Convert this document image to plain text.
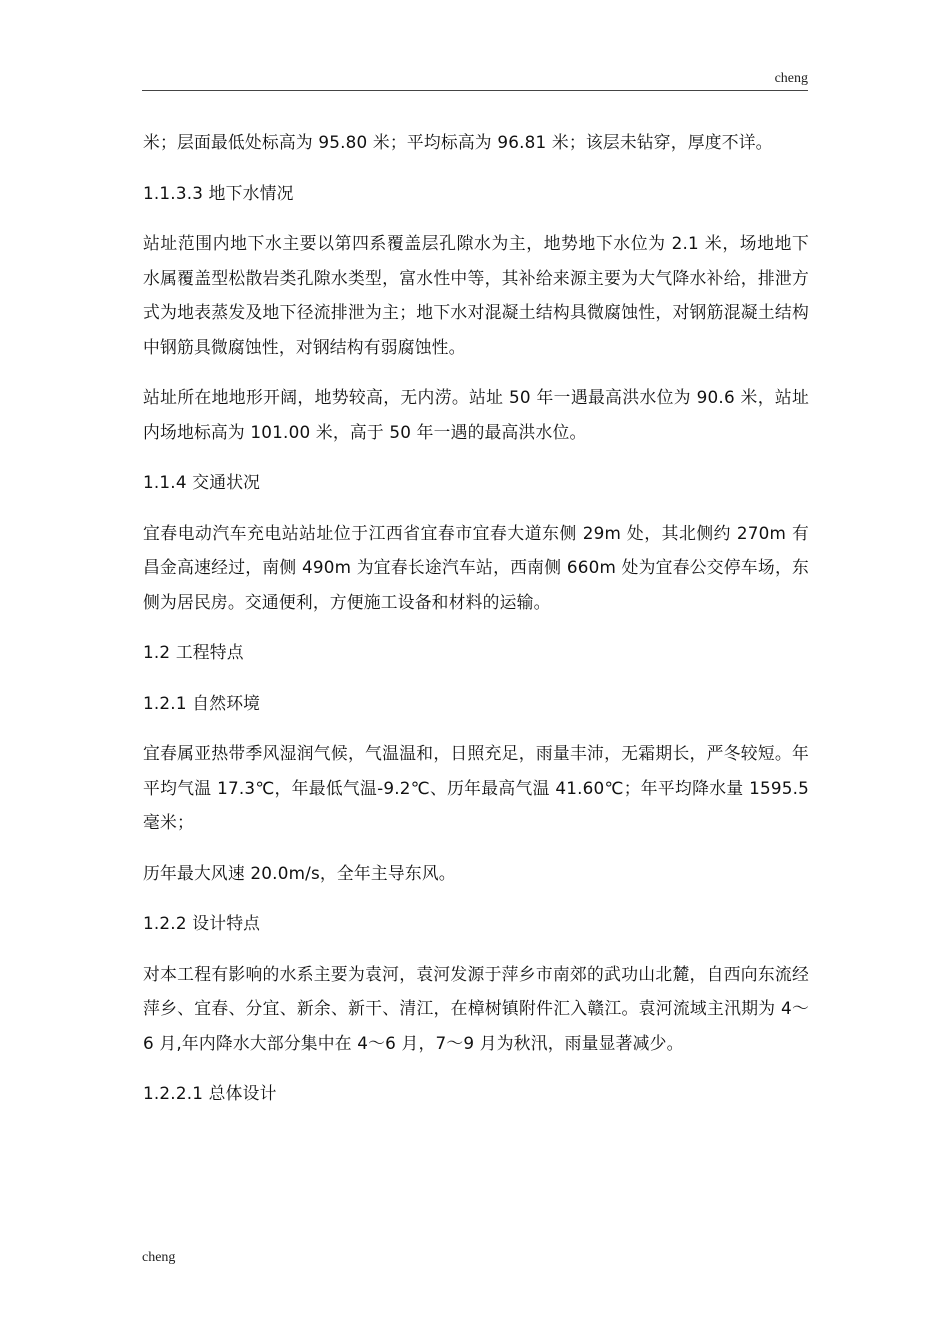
cheng

米；层面最低处标高为 95.80 米；平均标高为 96.81 米；该层未钻穿，厚度不详。

1.1.3.3 地下水情况

站址范围内地下水主要以第四系覆盖层孔隙水为主，地势地下水位为 2.1 米，场地地下水属覆盖型松散岩类孔隙水类型，富水性中等，其补给来源主要为大气降水补给，排泄方式为地表蒸发及地下径流排泄为主；地下水对混凝土结构具微腐蚀性，对钢筋混凝土结构中钢筋具微腐蚀性，对钢结构有弱腐蚀性。

站址所在地地形开阔，地势较高，无内涝。站址 50 年一遇最高洪水位为 90.6 米，站址内场地标高为 101.00 米，高于 50 年一遇的最高洪水位。

1.1.4 交通状况

宜春电动汽车充电站站址位于江西省宜春市宜春大道东侧 29m 处，其北侧约 270m 有昌金高速经过，南侧 490m 为宜春长途汽车站，西南侧 660m 处为宜春公交停车场，东侧为居民房。交通便利，方便施工设备和材料的运输。

1.2 工程特点

1.2.1 自然环境

宜春属亚热带季风湿润气候，气温温和，日照充足，雨量丰沛，无霜期长，严冬较短。年平均气温 17.3℃，年最低气温-9.2℃、历年最高气温 41.60℃；年平均降水量 1595.5 毫米；

历年最大风速 20.0m/s，全年主导东风。

1.2.2 设计特点

对本工程有影响的水系主要为袁河，袁河发源于萍乡市南郊的武功山北麓，自西向东流经萍乡、宜春、分宜、新余、新干、清江，在樟树镇附件汇入赣江。袁河流域主汛期为 4～6 月,年内降水大部分集中在 4～6 月，7～9 月为秋汛，雨量显著减少。

1.2.2.1 总体设计

cheng
